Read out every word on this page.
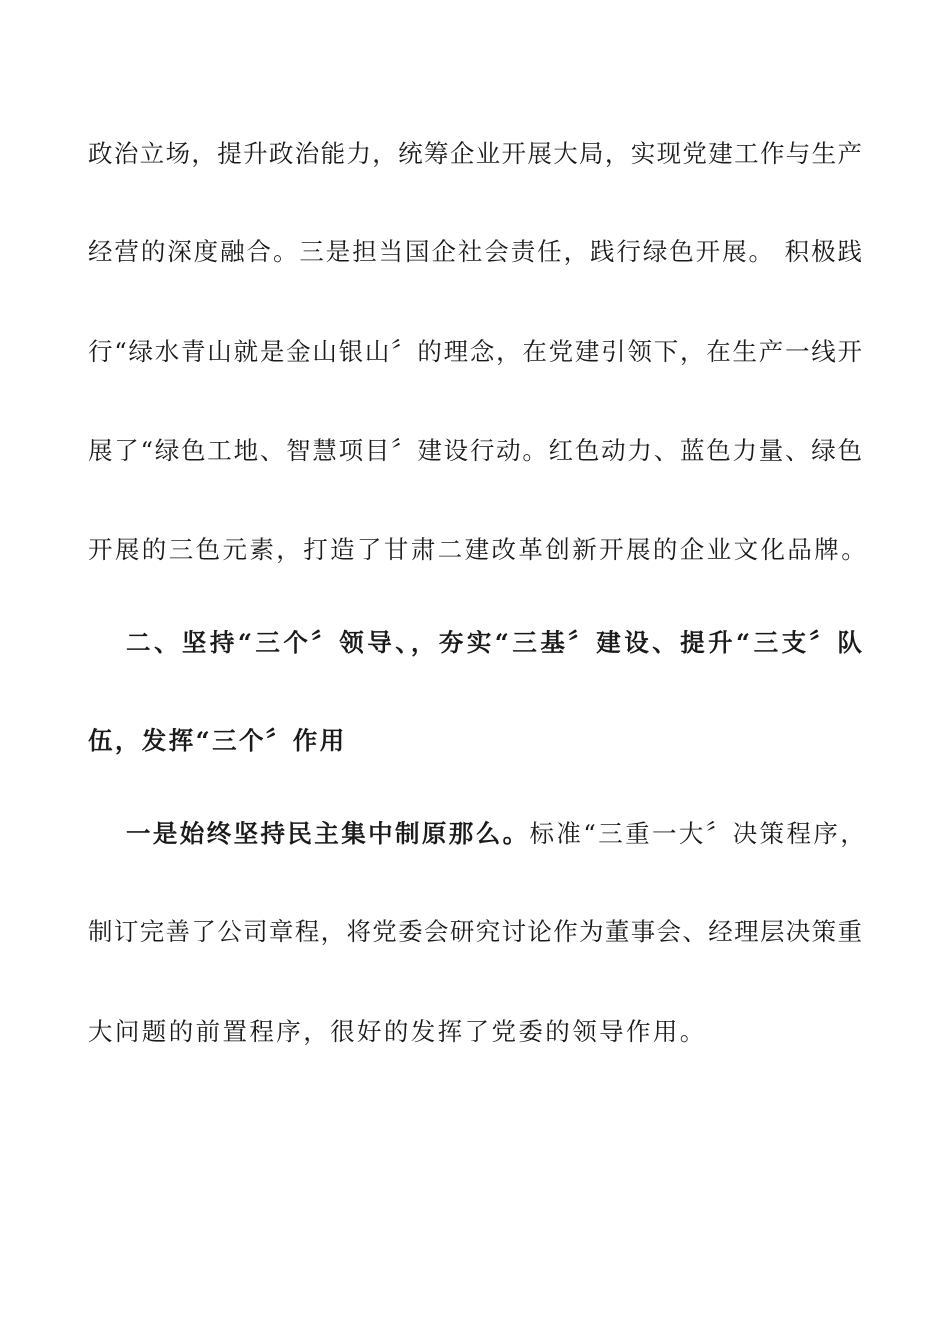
政治立场，提升政治能力，统筹企业开展大局，实现党建工作与生产
经营的深度融合。三是担当国企社会责任，践行绿色开展。 积极践
行“绿水青山就是金山银山〞的理念，在党建引领下，在生产一线开
展了“绿色工地、智慧项目〞建设行动。红色动力、蓝色力量、绿色
开展的三色元素，打造了甘肃二建改革创新开展的企业文化品牌。
二、坚持“三个〞领导、，夯实“三基〞建设、提升“三支〞队
伍，发挥“三个〞作用
一是始终坚持民主集中制原那么。标准“三重一大〞决策程序，
制订完善了公司章程，将党委会研究讨论作为董事会、经理层决策重
大问题的前置程序，很好的发挥了党委的领导作用。
